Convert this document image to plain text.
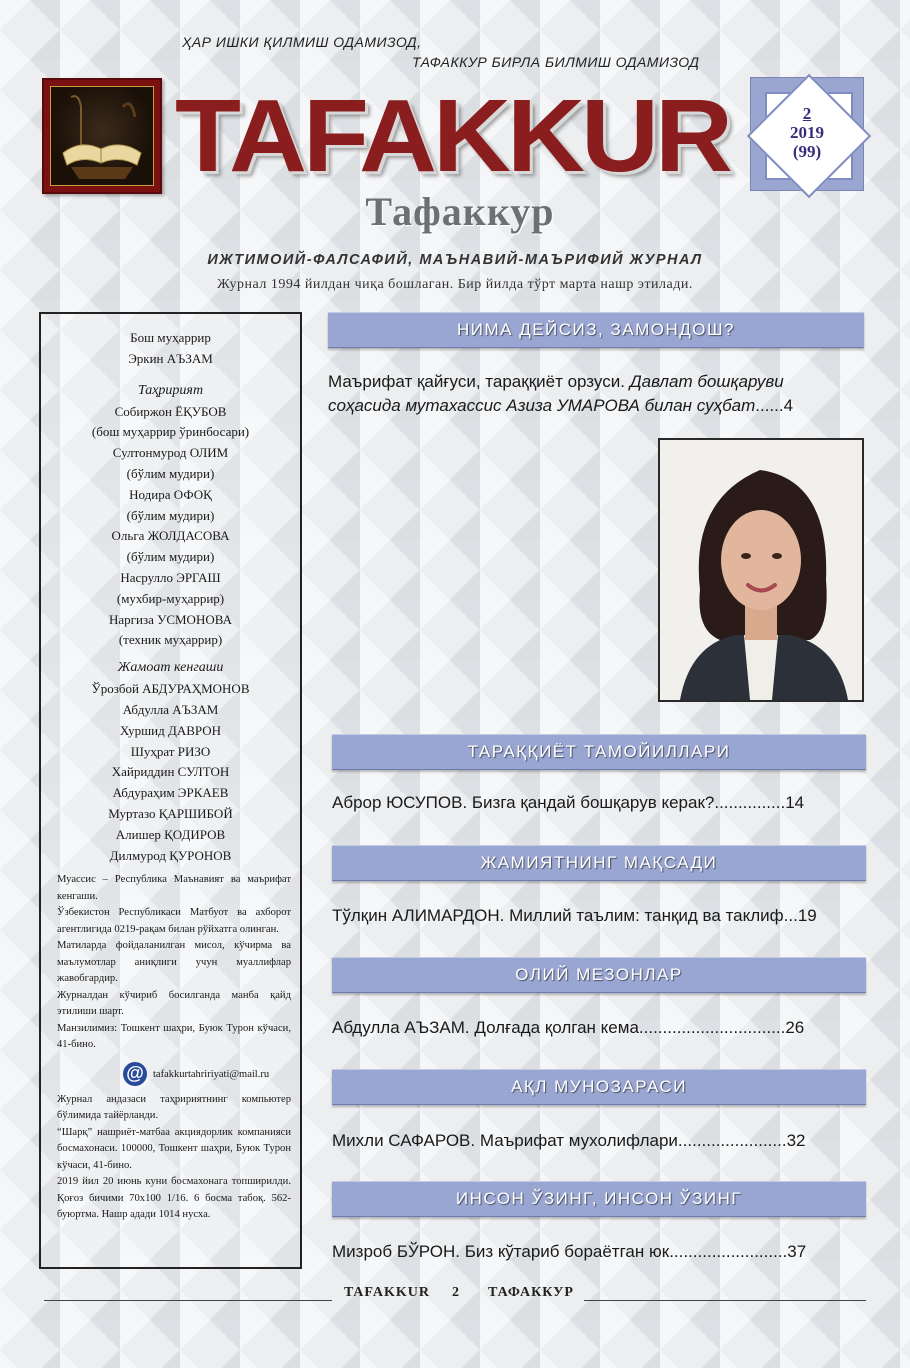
ҲАР ИШКИ ҚИЛМИШ ОДАМИЗОД,
ТАФАККУР БИРЛА БИЛМИШ ОДАМИЗОД
TAFAKKUR
Тафаккур
2
2019
(99)
ИЖТИМОИЙ-ФАЛСАФИЙ, МАЪНАВИЙ-МАЪРИФИЙ ЖУРНАЛ
Журнал 1994 йилдан чиқа бошлаган. Бир йилда тўрт марта нашр этилади.
Бош муҳаррир
Эркин АЪЗАМ
Таҳририят
Собиржон ЁҚУБОВ
(бош муҳаррир ўринбосари)
Султонмурод ОЛИМ
(бўлим мудири)
Нодира ОФОҚ
(бўлим мудири)
Ольга ЖОЛДАСОВА
(бўлим мудири)
Насрулло ЭРГАШ
(мухбир-муҳаррир)
Наргиза УСМОНОВА
(техник муҳаррир)
Жамоат кенгаши
Ўрозбой АБДУРАҲМОНОВ
Абдулла АЪЗАМ
Хуршид ДАВРОН
Шуҳрат РИЗО
Хайриддин СУЛТОН
Абдураҳим ЭРКАЕВ
Муртазо ҚАРШИБОЙ
Алишер ҚОДИРОВ
Дилмурод ҚУРОНОВ
Муассис – Республика Маънавият ва маърифат кенгаши.
Ўзбекистон Республикаси Матбуот ва ахборот агентлигида 0219-рақам билан рўйхатга олинган.
Матиларда фойдаланилган мисол, кўчирма ва маълумотлар аниқлиги учун муаллифлар жавобгардир.
Журналдан кўчириб босилганда манба қайд этилиши шарт.
Манзилимиз: Тошкент шаҳри, Буюк Турон кўчаси, 41-бино.
@ tafakkurtahririyati@mail.ru
Журнал андазаси таҳририятнинг компьютер бўлимида тайёрланди.
“Шарқ” нашриёт-матбаа акциядорлик компанияси босмахонаси. 100000, Тошкент шаҳри, Буюк Турон кўчаси, 41-бино.
2019 йил 20 июнь куни босмахонага топширилди. Қоғоз бичими 70х100 1/16. 6 босма табоқ. 562-буюртма. Нашр адади 1014 нусха.
НИМА ДЕЙСИЗ, ЗАМОНДОШ?
Маърифат қайғуси, тараққиёт орзуси. Давлат бошқаруви
соҳасида мутахассис Азиза УМАРОВА билан суҳбат......4
ТАРАҚҚИЁТ ТАМОЙИЛЛАРИ
Аброр ЮСУПОВ. Бизга қандай бошқарув керак?...............14
ЖАМИЯТНИНГ МАҚСАДИ
Тўлқин АЛИМАРДОН. Миллий таълим: танқид ва таклиф...19
ОЛИЙ МЕЗОНЛАР
Абдулла АЪЗАМ. Долғада қолган кема...............................26
АҚЛ МУНОЗАРАСИ
Михли САФАРОВ. Маърифат мухолифлари.......................32
ИНСОН ЎЗИНГ, ИНСОН ЎЗИНГ
Мизроб БЎРОН. Биз кўтариб бораётган юк.........................37
TAFAKKUR 2 ТАФАККУР
